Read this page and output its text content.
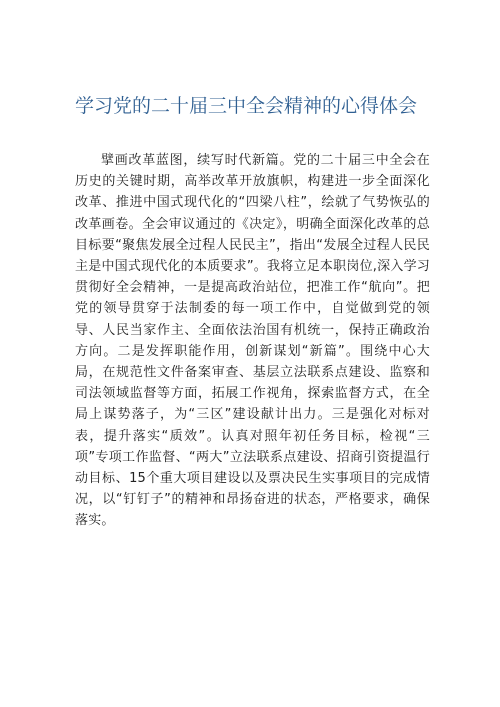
学习党的二十届三中全会精神的心得体会

擘画改革蓝图，续写时代新篇。党的二十届三中全会在历史的关键时期，高举改革开放旗帜，构建进一步全面深化改革、推进中国式现代化的“四梁八柱”，绘就了气势恢弘的改革画卷。全会审议通过的《决定》，明确全面深化改革的总目标要“聚焦发展全过程人民民主”，指出“发展全过程人民民主是中国式现代化的本质要求”。我将立足本职岗位,深入学习贯彻好全会精神，一是提高政治站位，把准工作“航向”。把党的领导贯穿于法制委的每一项工作中，自觉做到党的领导、人民当家作主、全面依法治国有机统一，保持正确政治方向。二是发挥职能作用，创新谋划“新篇”。围绕中心大局，在规范性文件备案审查、基层立法联系点建设、监察和司法领域监督等方面，拓展工作视角，探索监督方式，在全局上谋势落子，为“三区”建设献计出力。三是强化对标对表，提升落实“质效”。认真对照年初任务目标，检视“三项”专项工作监督、“两大”立法联系点建设、招商引资提温行动目标、15个重大项目建设以及票决民生实事项目的完成情况，以“钉钉子”的精神和昂扬奋进的状态，严格要求，确保落实。
